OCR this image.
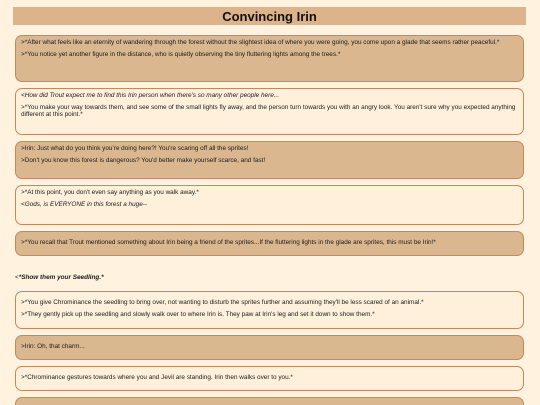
Convincing Irin

>*After what feels like an eternity of wandering through the forest without the slightest idea of where you were going, you come upon a glade that seems rather peaceful.*

>*You notice yet another figure in the distance, who is quietly observing the tiny fluttering lights among the trees.*

<How did Trout expect me to find this Irin person when there's so many other people here...

>*You make your way towards them, and see some of the small lights fly away, and the person turn towards you with an angry look. You aren't sure why you expected anything different at this point.*

>Irin: Just what do you think you're doing here?! You're scaring off all the sprites!

>Don't you know this forest is dangerous? You'd better make yourself scarce, and fast!

>*At this point, you don't even say anything as you walk away.*

<Gods, is EVERYONE in this forest a huge--

>*You recall that Trout mentioned something about Irin being a friend of the sprites...If the fluttering lights in the glade are sprites, this must be Irin!*

<*Show them your Seedling.*

>*You give Chrominance the seedling to bring over, not wanting to disturb the sprites further and assuming they'll be less scared of an animal.*

>*They gently pick up the seedling and slowly walk over to where Irin is. They paw at Irin's leg and set it down to show them.*

>Irin: Oh, that charm...

>*Chrominance gestures towards where you and Jevil are standing. Irin then walks over to you.*
